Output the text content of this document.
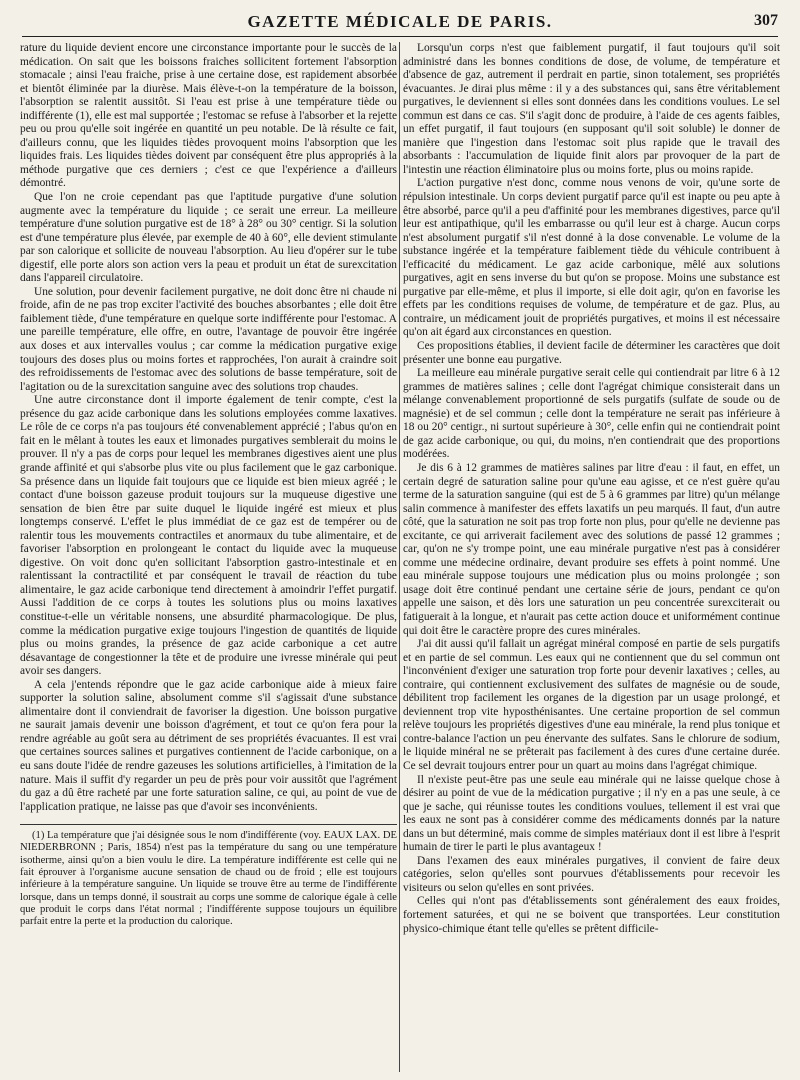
GAZETTE MÉDICALE DE PARIS.	307

rature du liquide devient encore une circonstance importante pour le succès de la médication. On sait que les boissons fraiches sollicitent fortement l'absorption stomacale ; ainsi l'eau fraiche, prise à une certaine dose, est rapidement absorbée et bientôt éliminée par la diurèse. Mais élève-t-on la température de la boisson, l'absorption se ralentit aussitôt. Si l'eau est prise à une température tiède ou indifférente (1), elle est mal supportée ; l'estomac se refuse à l'absorber et la rejette peu ou prou qu'elle soit ingérée en quantité un peu notable. De là résulte ce fait, d'ailleurs connu, que les liquides tièdes provoquent moins l'absorption que les liquides frais. Les liquides tièdes doivent par conséquent être plus appropriés à la méthode purgative que ces derniers ; c'est ce que l'expérience a d'ailleurs démontré.

Que l'on ne croie cependant pas que l'aptitude purgative d'une solution augmente avec la température du liquide ; ce serait une erreur. La meilleure température d'une solution purgative est de 18° à 28° ou 30° centigr. Si la solution est d'une température plus élevée, par exemple de 40 à 60°, elle devient stimulante par son calorique et sollicite de nouveau l'absorption. Au lieu d'opérer sur le tube digestif, elle porte alors son action vers la peau et produit un état de surexcitation dans l'appareil circulatoire.

Une solution, pour devenir facilement purgative, ne doit donc être ni chaude ni froide, afin de ne pas trop exciter l'activité des bouches absorbantes ; elle doit être faiblement tiède, d'une température en quelque sorte indifférente pour l'estomac. A une pareille température, elle offre, en outre, l'avantage de pouvoir être ingérée aux doses et aux intervalles voulus ; car comme la médication purgative exige toujours des doses plus ou moins fortes et rapprochées, l'on aurait à craindre soit des refroidissements de l'estomac avec des solutions de basse température, soit de l'agitation ou de la surexcitation sanguine avec des solutions trop chaudes.

Une autre circonstance dont il importe également de tenir compte, c'est la présence du gaz acide carbonique dans les solutions employées comme laxatives. Le rôle de ce corps n'a pas toujours été convenablement apprécié ; l'abus qu'on en fait en le mêlant à toutes les eaux et limonades purgatives semblerait du moins le prouver. Il n'y a pas de corps pour lequel les membranes digestives aient une plus grande affinité et qui s'absorbe plus vite ou plus facilement que le gaz carbonique. Sa présence dans un liquide fait toujours que ce liquide est bien mieux agréé ; le contact d'une boisson gazeuse produit toujours sur la muqueuse digestive une sensation de bien être par suite duquel le liquide ingéré est mieux et plus longtemps conservé. L'effet le plus immédiat de ce gaz est de tempérer ou de ralentir tous les mouvements contractiles et anormaux du tube alimentaire, et de favoriser l'absorption en prolongeant le contact du liquide avec la muqueuse digestive. On voit donc qu'en sollicitant l'absorption gastro-intestinale et en ralentissant la contractilité et par conséquent le travail de réaction du tube alimentaire, le gaz acide carbonique tend directement à amoindrir l'effet purgatif. Aussi l'addition de ce corps à toutes les solutions plus ou moins laxatives constitue-t-elle un véritable nonsens, une absurdité pharmacologique. De plus, comme la médication purgative exige toujours l'ingestion de quantités de liquide plus ou moins grandes, la présence de gaz acide carbonique a cet autre désavantage de congestionner la tête et de produire une ivresse minérale qui peut avoir ses dangers.

A cela j'entends répondre que le gaz acide carbonique aide à mieux faire supporter la solution saline, absolument comme s'il s'agissait d'une substance alimentaire dont il conviendrait de favoriser la digestion. Une boisson purgative ne saurait jamais devenir une boisson d'agrément, et tout ce qu'on fera pour la rendre agréable au goût sera au détriment de ses propriétés évacuantes. Il est vrai que certaines sources salines et purgatives contiennent de l'acide carbonique, on a eu sans doute l'idée de rendre gazeuses les solutions artificielles, à l'imitation de la nature. Mais il suffit d'y regarder un peu de près pour voir aussitôt que l'agrément du gaz a dû être racheté par une forte saturation saline, ce qui, au point de vue de l'application pratique, ne laisse pas que d'avoir ses inconvénients.

(1) La température que j'ai désignée sous le nom d'indifférente (voy. EAUX LAX. DE NIEDERBRONN ; Paris, 1854) n'est pas la température du sang ou une température isotherme, ainsi qu'on a bien voulu le dire. La température indifférente est celle qui ne fait éprouver à l'organisme aucune sensation de chaud ou de froid ; elle est toujours inférieure à la température sanguine. Un liquide se trouve être au terme de l'indifférente lorsque, dans un temps donné, il soustrait au corps une somme de calorique égale à celle que produit le corps dans l'état normal ; l'indifférente suppose toujours un équilibre parfait entre la perte et la production du calorique.

Lorsqu'un corps n'est que faiblement purgatif, il faut toujours qu'il soit administré dans les bonnes conditions de dose, de volume, de température et d'absence de gaz, autrement il perdrait en partie, sinon totalement, ses propriétés évacuantes. Je dirai plus même : il y a des substances qui, sans être véritablement purgatives, le deviennent si elles sont données dans les conditions voulues. Le sel commun est dans ce cas. S'il s'agit donc de produire, à l'aide de ces agents faibles, un effet purgatif, il faut toujours (en supposant qu'il soit soluble) le donner de manière que l'ingestion dans l'estomac soit plus rapide que le travail des absorbants : l'accumulation de liquide finit alors par provoquer de la part de l'intestin une réaction éliminatoire plus ou moins forte, plus ou moins rapide.

L'action purgative n'est donc, comme nous venons de voir, qu'une sorte de répulsion intestinale. Un corps devient purgatif parce qu'il est inapte ou peu apte à être absorbé, parce qu'il a peu d'affinité pour les membranes digestives, parce qu'il leur est antipathique, qu'il les embarrasse ou qu'il leur est à charge. Aucun corps n'est absolument purgatif s'il n'est donné à la dose convenable. Le volume de la substance ingérée et la température faiblement tiède du véhicule contribuent à l'efficacité du médicament. Le gaz acide carbonique, mêlé aux solutions purgatives, agit en sens inverse du but qu'on se propose. Moins une substance est purgative par elle-même, et plus il importe, si elle doit agir, qu'on en favorise les effets par les conditions requises de volume, de température et de gaz. Plus, au contraire, un médicament jouit de propriétés purgatives, et moins il est nécessaire qu'on ait égard aux circonstances en question.

Ces propositions établies, il devient facile de déterminer les caractères que doit présenter une bonne eau purgative.

La meilleure eau minérale purgative serait celle qui contiendrait par litre 6 à 12 grammes de matières salines ; celle dont l'agrégat chimique consisterait dans un mélange convenablement proportionné de sels purgatifs (sulfate de soude ou de magnésie) et de sel commun ; celle dont la température ne serait pas inférieure à 18 ou 20° centigr., ni surtout supérieure à 30°, celle enfin qui ne contiendrait point de gaz acide carbonique, ou qui, du moins, n'en contiendrait que des proportions modérées.

Je dis 6 à 12 grammes de matières salines par litre d'eau : il faut, en effet, un certain degré de saturation saline pour qu'une eau agisse, et ce n'est guère qu'au terme de la saturation sanguine (qui est de 5 à 6 grammes par litre) qu'un mélange salin commence à manifester des effets laxatifs un peu marqués. Il faut, d'un autre côté, que la saturation ne soit pas trop forte non plus, pour qu'elle ne devienne pas excitante, ce qui arriverait facilement avec des solutions de passé 12 grammes ; car, qu'on ne s'y trompe point, une eau minérale purgative n'est pas à considérer comme une médecine ordinaire, devant produire ses effets à point nommé. Une eau minérale suppose toujours une médication plus ou moins prolongée ; son usage doit être continué pendant une certaine série de jours, pendant ce qu'on appelle une saison, et dès lors une saturation un peu concentrée surexciterait ou fatiguerait à la longue, et n'aurait pas cette action douce et uniformément continue qui doit être le caractère propre des cures minérales.

J'ai dit aussi qu'il fallait un agrégat minéral composé en partie de sels purgatifs et en partie de sel commun. Les eaux qui ne contiennent que du sel commun ont l'inconvénient d'exiger une saturation trop forte pour devenir laxatives ; celles, au contraire, qui contiennent exclusivement des sulfates de magnésie ou de soude, débilitent trop facilement les organes de la digestion par un usage prolongé, et deviennent trop vite hyposthénisantes. Une certaine proportion de sel commun relève toujours les propriétés digestives d'une eau minérale, la rend plus tonique et contre-balance l'action un peu énervante des sulfates. Sans le chlorure de sodium, le liquide minéral ne se prêterait pas facilement à des cures d'une certaine durée. Ce sel devrait toujours entrer pour un quart au moins dans l'agrégat chimique.

Il n'existe peut-être pas une seule eau minérale qui ne laisse quelque chose à désirer au point de vue de la médication purgative ; il n'y en a pas une seule, à ce que je sache, qui réunisse toutes les conditions voulues, tellement il est vrai que les eaux ne sont pas à considérer comme des médicaments donnés par la nature dans un but déterminé, mais comme de simples matériaux dont il est libre à l'esprit humain de tirer le parti le plus avantageux !

Dans l'examen des eaux minérales purgatives, il convient de faire deux catégories, selon qu'elles sont pourvues d'établissements pour recevoir les visiteurs ou selon qu'elles en sont privées.

Celles qui n'ont pas d'établissements sont généralement des eaux froides, fortement saturées, et qui ne se boivent que transportées. Leur constitution physico-chimique étant telle qu'elles se prêtent difficile-
